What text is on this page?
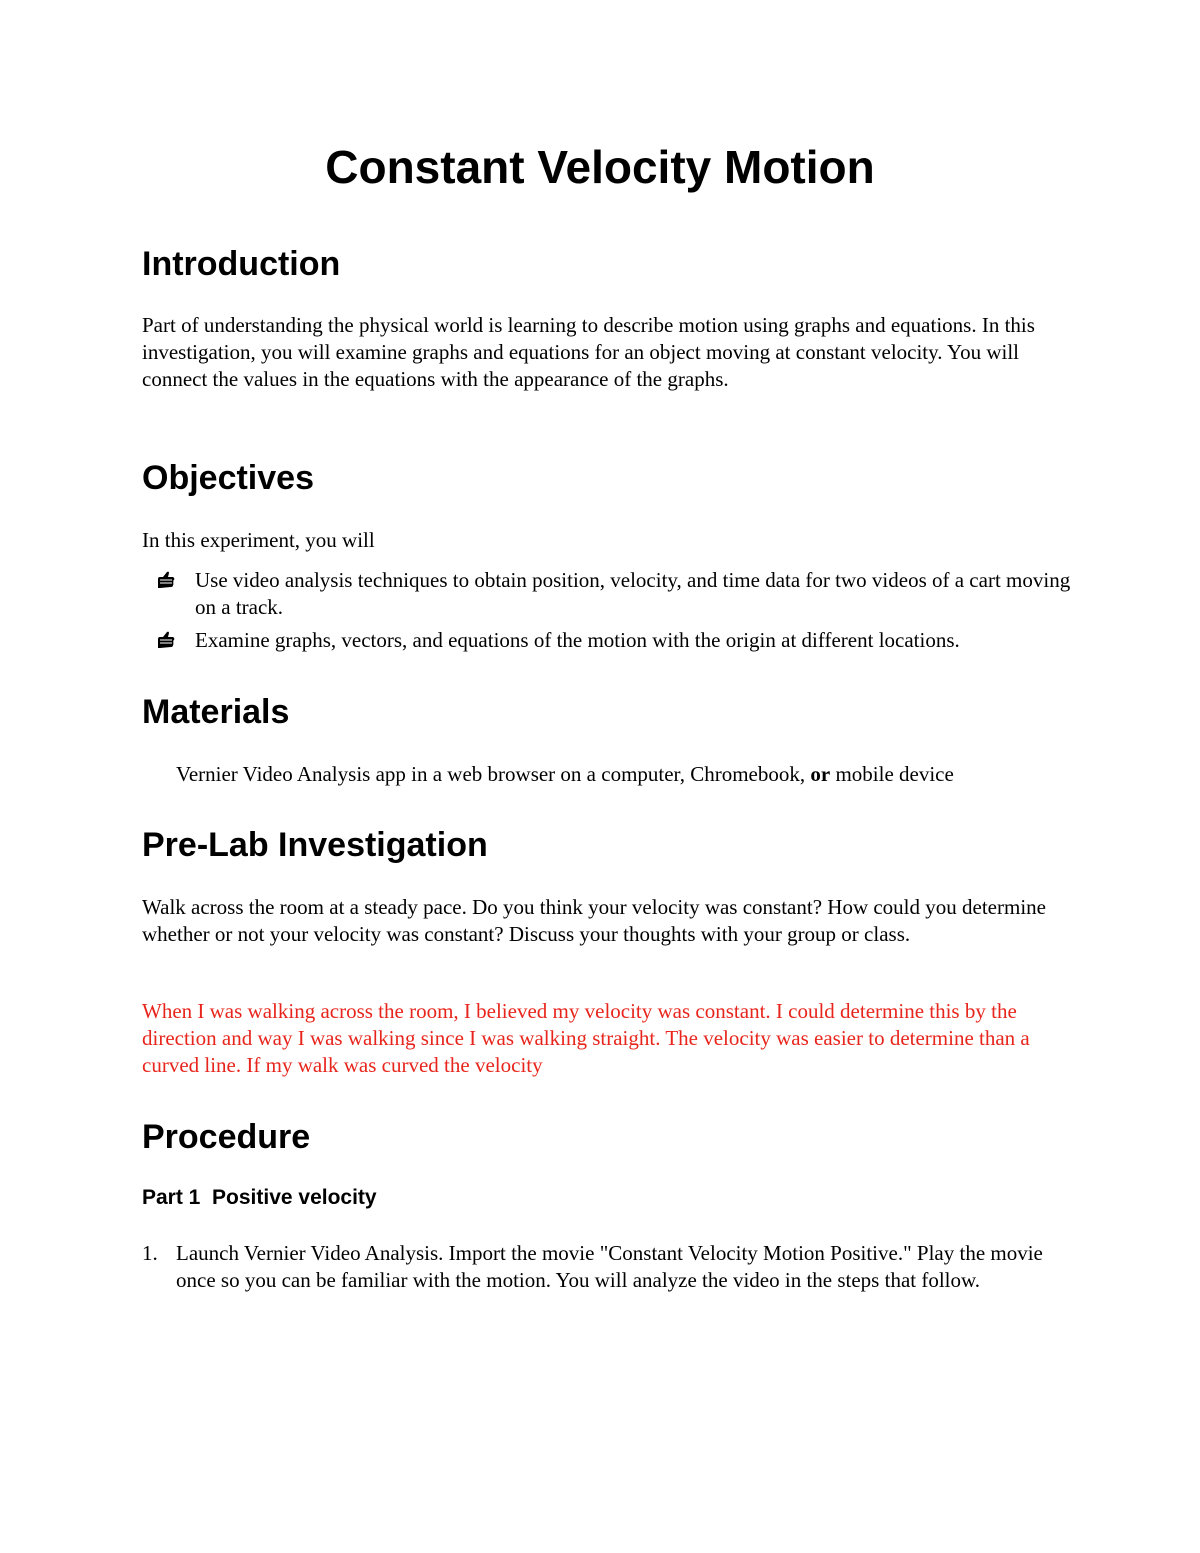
Constant Velocity Motion
Introduction

Part of understanding the physical world is learning to describe motion using graphs and equations. In this investigation, you will examine graphs and equations for an object moving at constant velocity. You will connect the values in the equations with the appearance of the graphs.

Objectives

In this experiment, you will

Use video analysis techniques to obtain position, velocity, and time data for two videos of a cart moving on a track.
Examine graphs, vectors, and equations of the motion with the origin at different locations.
Materials

Vernier Video Analysis app in a web browser on a computer, Chromebook, or mobile device

Pre-Lab Investigation

Walk across the room at a steady pace. Do you think your velocity was constant? How could you determine whether or not your velocity was constant? Discuss your thoughts with your group or class.

When I was walking across the room, I believed my velocity was constant. I could determine this by the direction and way I was walking since I was walking straight. The velocity was easier to determine than a curved line. If my walk was curved the velocity

Procedure
Part 1  Positive velocity
1. Launch Vernier Video Analysis. Import the movie "Constant Velocity Motion Positive." Play the movie once so you can be familiar with the motion. You will analyze the video in the steps that follow.
